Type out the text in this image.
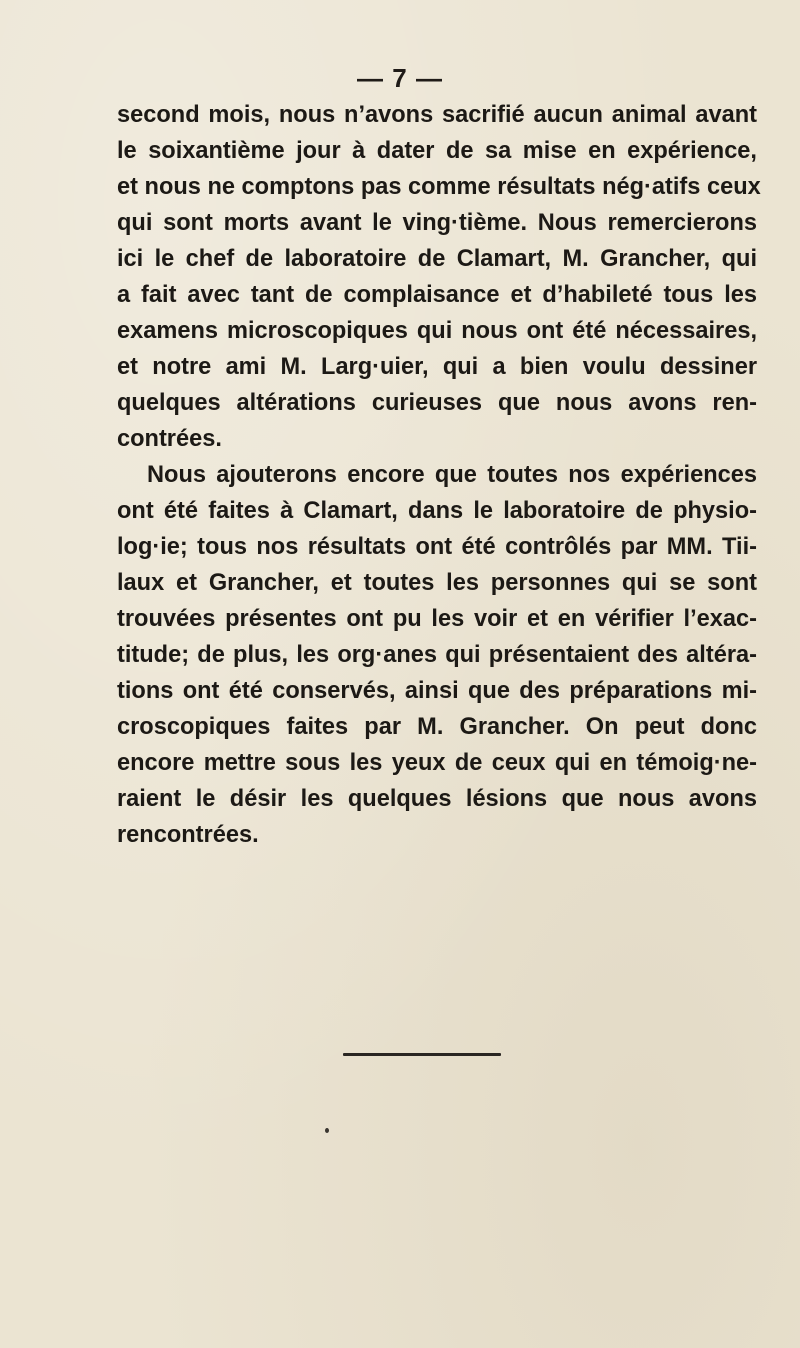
— 7 —
second mois, nous n’avons sacrifié aucun animal avant
le soixantième jour à dater de sa mise en expérience,
et nous ne comptons pas comme résultats nég·atifs ceux
qui sont morts avant le ving·tième. Nous remercierons
ici le chef de laboratoire de Clamart, M. Grancher, qui
a fait avec tant de complaisance et d’habileté tous les
examens microscopiques qui nous ont été nécessaires,
et notre ami M. Larg·uier, qui a bien voulu dessiner
quelques altérations curieuses que nous avons ren-
contrées.
Nous ajouterons encore que toutes nos expériences
ont été faites à Clamart, dans le laboratoire de physio-
log·ie; tous nos résultats ont été contrôlés par MM. Tii-
laux et Grancher, et toutes les personnes qui se sont
trouvées présentes ont pu les voir et en vérifier l’exac-
titude; de plus, les org·anes qui présentaient des altéra-
tions ont été conservés, ainsi que des préparations mi-
croscopiques faites par M. Grancher. On peut donc
encore mettre sous les yeux de ceux qui en témoig·ne-
raient le désir les quelques lésions que nous avons
rencontrées.
